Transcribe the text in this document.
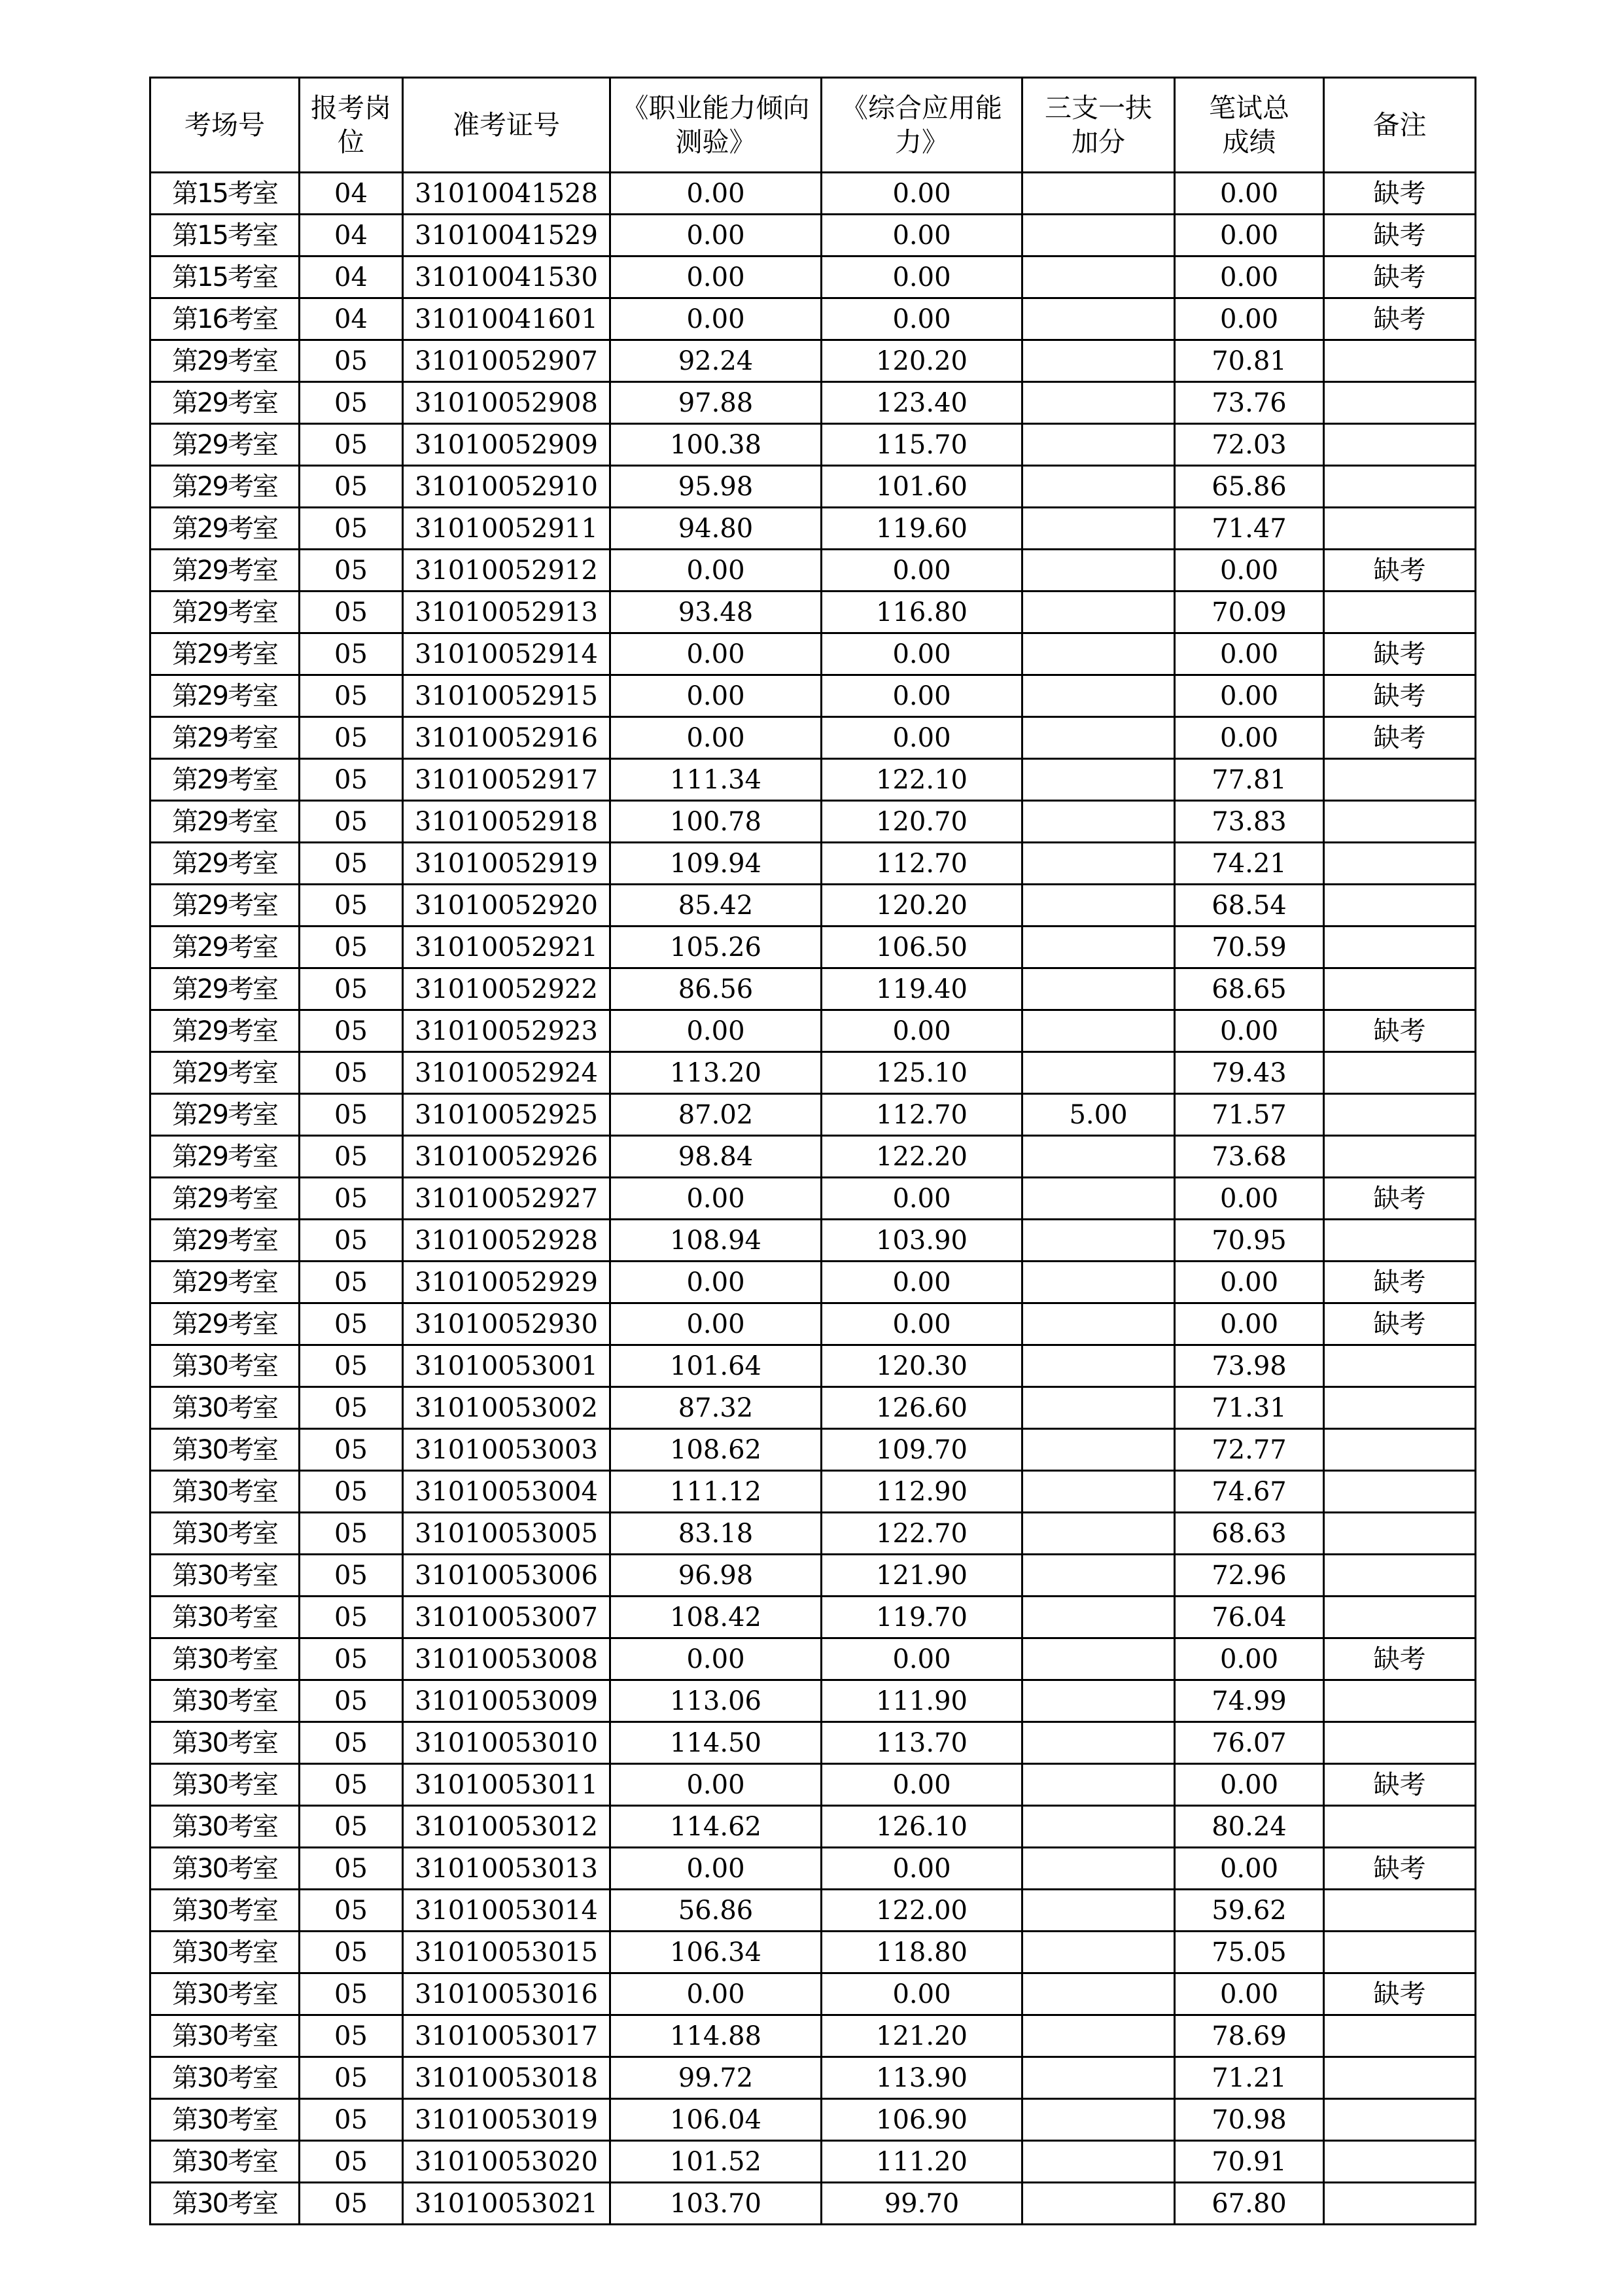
考场号	报考岗位	准考证号	《职业能力倾向测验》	《综合应用能力》	三支一扶加分	笔试总成绩	备注
第15考室	04	31010041528	0.00	0.00		0.00	缺考
第15考室	04	31010041529	0.00	0.00		0.00	缺考
第15考室	04	31010041530	0.00	0.00		0.00	缺考
第16考室	04	31010041601	0.00	0.00		0.00	缺考
第29考室	05	31010052907	92.24	120.20		70.81	
第29考室	05	31010052908	97.88	123.40		73.76	
第29考室	05	31010052909	100.38	115.70		72.03	
第29考室	05	31010052910	95.98	101.60		65.86	
第29考室	05	31010052911	94.80	119.60		71.47	
第29考室	05	31010052912	0.00	0.00		0.00	缺考
第29考室	05	31010052913	93.48	116.80		70.09	
第29考室	05	31010052914	0.00	0.00		0.00	缺考
第29考室	05	31010052915	0.00	0.00		0.00	缺考
第29考室	05	31010052916	0.00	0.00		0.00	缺考
第29考室	05	31010052917	111.34	122.10		77.81	
第29考室	05	31010052918	100.78	120.70		73.83	
第29考室	05	31010052919	109.94	112.70		74.21	
第29考室	05	31010052920	85.42	120.20		68.54	
第29考室	05	31010052921	105.26	106.50		70.59	
第29考室	05	31010052922	86.56	119.40		68.65	
第29考室	05	31010052923	0.00	0.00		0.00	缺考
第29考室	05	31010052924	113.20	125.10		79.43	
第29考室	05	31010052925	87.02	112.70	5.00	71.57	
第29考室	05	31010052926	98.84	122.20		73.68	
第29考室	05	31010052927	0.00	0.00		0.00	缺考
第29考室	05	31010052928	108.94	103.90		70.95	
第29考室	05	31010052929	0.00	0.00		0.00	缺考
第29考室	05	31010052930	0.00	0.00		0.00	缺考
第30考室	05	31010053001	101.64	120.30		73.98	
第30考室	05	31010053002	87.32	126.60		71.31	
第30考室	05	31010053003	108.62	109.70		72.77	
第30考室	05	31010053004	111.12	112.90		74.67	
第30考室	05	31010053005	83.18	122.70		68.63	
第30考室	05	31010053006	96.98	121.90		72.96	
第30考室	05	31010053007	108.42	119.70		76.04	
第30考室	05	31010053008	0.00	0.00		0.00	缺考
第30考室	05	31010053009	113.06	111.90		74.99	
第30考室	05	31010053010	114.50	113.70		76.07	
第30考室	05	31010053011	0.00	0.00		0.00	缺考
第30考室	05	31010053012	114.62	126.10		80.24	
第30考室	05	31010053013	0.00	0.00		0.00	缺考
第30考室	05	31010053014	56.86	122.00		59.62	
第30考室	05	31010053015	106.34	118.80		75.05	
第30考室	05	31010053016	0.00	0.00		0.00	缺考
第30考室	05	31010053017	114.88	121.20		78.69	
第30考室	05	31010053018	99.72	113.90		71.21	
第30考室	05	31010053019	106.04	106.90		70.98	
第30考室	05	31010053020	101.52	111.20		70.91	
第30考室	05	31010053021	103.70	99.70		67.80	
